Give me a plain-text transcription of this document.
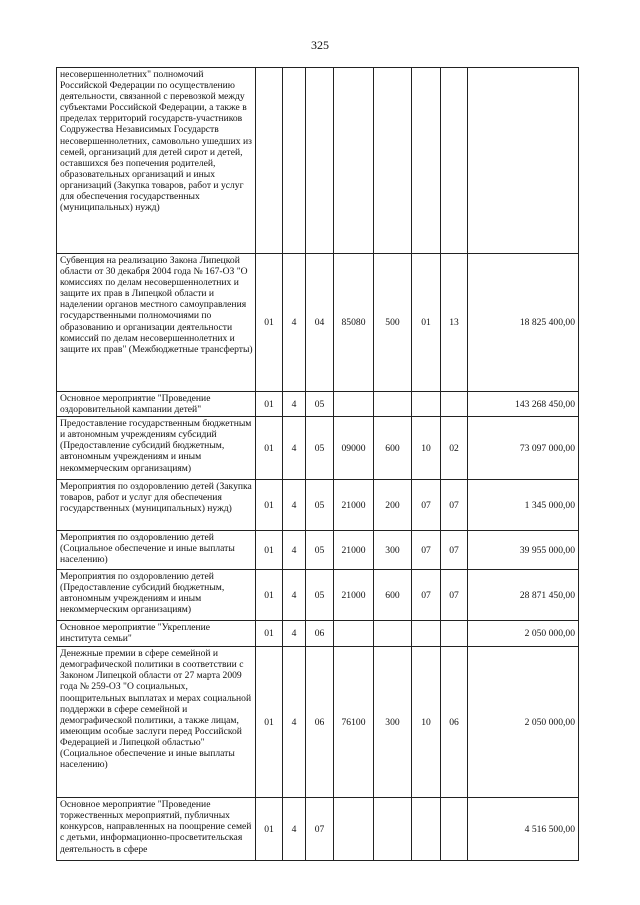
325
несовершеннолетних" полномочий Российской Федерации по осуществлению деятельности, связанной с перевозкой между субъектами Российской Федерации, а также в пределах территорий государств-участников Содружества Независимых Государств несовершеннолетних, самовольно ушедших из семей, организаций для детей сирот и детей, оставшихся без попечения родителей, образовательных организаций и иных организаций (Закупка товаров, работ и услуг для обеспечения государственных (муниципальных) нужд)								

Субвенция на реализацию Закона Липецкой области от 30 декабря 2004 года № 167-ОЗ "О комиссиях по делам несовершеннолетних и защите их прав в Липецкой области и наделении органов местного самоуправления государственными полномочиями по образованию и организации деятельности комиссий по делам несовершеннолетних и защите их прав" (Межбюджетные трансферты)	01	4	04	85080	500	01	13	18 825 400,00

Основное мероприятие "Проведение оздоровительной кампании детей"	01	4	05					143 268 450,00

Предоставление государственным бюджетным и автономным учреждениям субсидий (Предоставление субсидий бюджетным, автономным учреждениям и иным некоммерческим организациям)	01	4	05	09000	600	10	02	73 097 000,00

Мероприятия по оздоровлению детей (Закупка товаров, работ и услуг для обеспечения государственных (муниципальных) нужд)	01	4	05	21000	200	07	07	1 345 000,00

Мероприятия по оздоровлению детей (Социальное обеспечение и иные выплаты населению)	01	4	05	21000	300	07	07	39 955 000,00

Мероприятия по оздоровлению детей (Предоставление субсидий бюджетным, автономным учреждениям и иным некоммерческим организациям)	01	4	05	21000	600	07	07	28 871 450,00

Основное мероприятие "Укрепление института семьи"	01	4	06					2 050 000,00

Денежные премии в сфере семейной и демографической политики в соответствии с Законом Липецкой области от 27 марта 2009 года № 259-ОЗ "О социальных, поощрительных выплатах и мерах социальной поддержки в сфере семейной и демографической политики, а также лицам, имеющим особые заслуги перед Российской Федерацией и Липецкой областью" (Социальное обеспечение и иные выплаты населению)	01	4	06	76100	300	10	06	2 050 000,00

Основное мероприятие "Проведение торжественных мероприятий, публичных конкурсов, направленных на поощрение семей с детьми, информационно-просветительская деятельность в сфере	01	4	07					4 516 500,00
